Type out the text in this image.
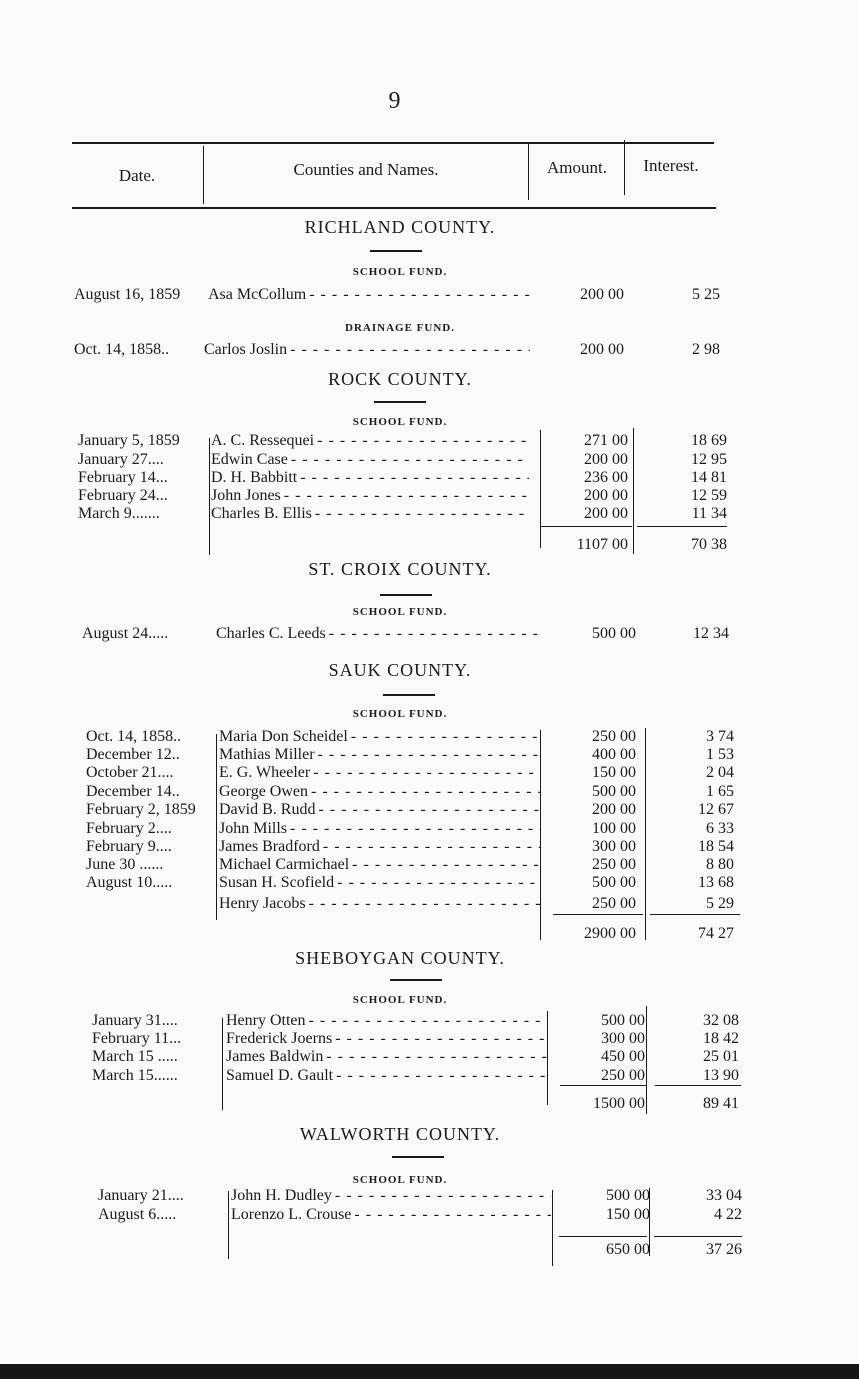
9
Date.	Counties and Names.	Amount.	Interest.
RICHLAND COUNTY.
SCHOOL FUND.
August 16, 1859	Asa McCollum - - -	200 00	5 25
DRAINAGE FUND.
Oct. 14, 1858..	Carlos Joslin - - -	200 00	2 98
ROCK COUNTY.
SCHOOL FUND.
January 5, 1859	A. C. Ressequei - - -	271 00	18 69
January 27....	Edwin Case - - -	200 00	12 95
February 14...	D. H. Babbitt - - -	236 00	14 81
February 24...	John Jones - - -	200 00	12 59
March 9.......	Charles B. Ellis - - -	200 00	11 34
1107 00	70 38
ST. CROIX COUNTY.
SCHOOL FUND.
August 24.....	Charles C. Leeds - - -	500 00	12 34
SAUK COUNTY.
SCHOOL FUND.
Oct. 14, 1858..	Maria Don Scheidel - - -	250 00	3 74
December 12..	Mathias Miller - - -	400 00	1 53
October 21....	E. G. Wheeler - - -	150 00	2 04
December 14..	George Owen - - -	500 00	1 65
February 2, 1859	David B. Rudd - - -	200 00	12 67
February 2....	John Mills - - -	100 00	6 33
February 9....	James Bradford - - -	300 00	18 54
June 30 ......	Michael Carmichael - - -	250 00	8 80
August 10.....	Susan H. Scofield - - -	500 00	13 68
Henry Jacobs - - -	250 00	5 29
2900 00	74 27
SHEBOYGAN COUNTY.
SCHOOL FUND.
January 31....	Henry Otten - - -	500 00	32 08
February 11...	Frederick Joerns - - -	300 00	18 42
March 15 .....	James Baldwin - - -	450 00	25 01
March 15......	Samuel D. Gault - - -	250 00	13 90
1500 00	89 41
WALWORTH COUNTY.
SCHOOL FUND.
January 21....	John H. Dudley - - -	500 00	33 04
August 6.....	Lorenzo L. Crouse - - -	150 00	4 22
650 00	37 26
